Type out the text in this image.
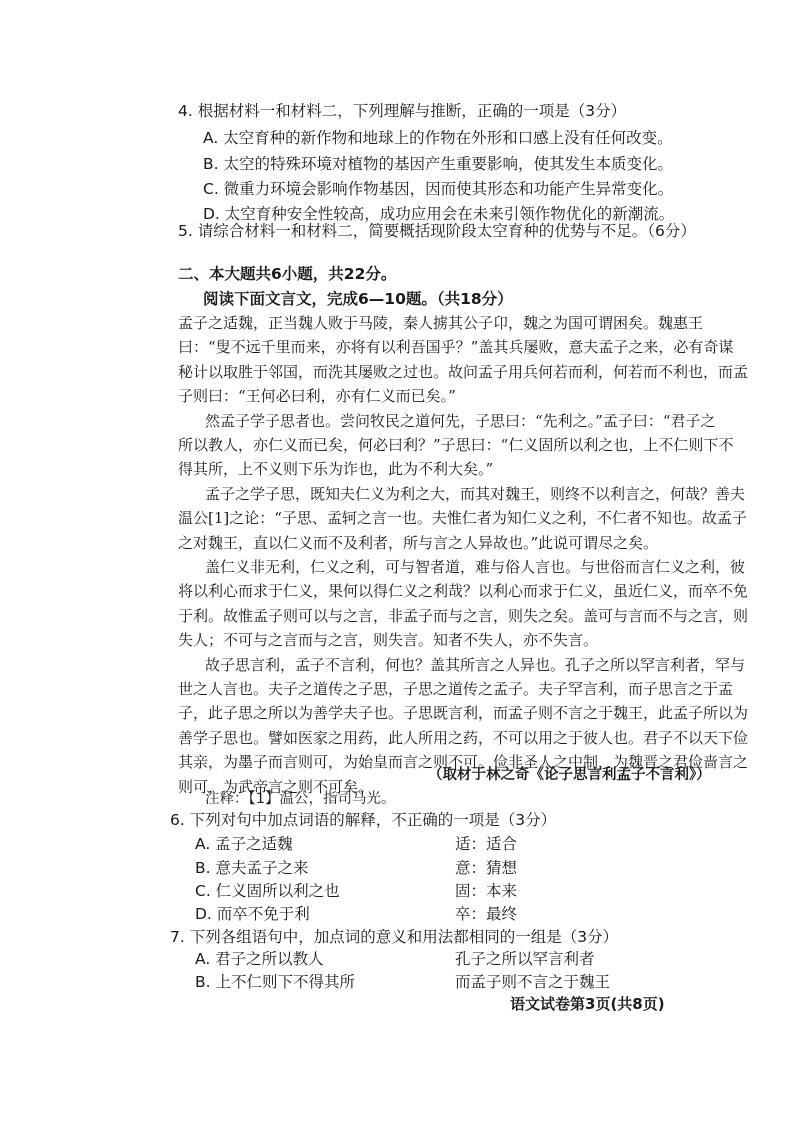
4. 根据材料一和材料二，下列理解与推断，正确的一项是（3分）
A. 太空育种的新作物和地球上的作物在外形和口感上没有任何改变。
B. 太空的特殊环境对植物的基因产生重要影响，使其发生本质变化。
C. 微重力环境会影响作物基因，因而使其形态和功能产生异常变化。
D. 太空育种安全性较高，成功应用会在未来引领作物优化的新潮流。
5. 请综合材料一和材料二，简要概括现阶段太空育种的优势与不足。（6分）
二、本大题共6小题，共22分。
阅读下面文言文，完成6—10题。（共18分）
孟子之适魏，正当魏人败于马陵，秦人掳其公子卬，魏之为国可谓困矣。魏惠王
曰：“叟不远千里而来，亦将有以利吾国乎？”盖其兵屡败，意夫孟子之来，必有奇谋
秘计以取胜于邻国，而洗其屡败之过也。故问孟子用兵何若而利，何若而不利也，而孟
子则曰：“王何必曰利，亦有仁义而已矣。”
然孟子学子思者也。尝问牧民之道何先，子思曰：“先利之。”孟子曰：“君子之
所以教人，亦仁义而已矣，何必曰利？”子思曰：“仁义固所以利之也，上不仁则下不
得其所，上不义则下乐为诈也，此为不利大矣。”
孟子之学子思，既知夫仁义为利之大，而其对魏王，则终不以利言之，何哉？善夫
温公[1]之论：“子思、孟轲之言一也。夫惟仁者为知仁义之利，不仁者不知也。故孟子
之对魏王，直以仁义而不及利者，所与言之人异故也。”此说可谓尽之矣。
盖仁义非无利，仁义之利，可与智者道，难与俗人言也。与世俗而言仁义之利，彼
将以利心而求于仁义，果何以得仁义之利哉？以利心而求于仁义，虽近仁义，而卒不免
于利。故惟孟子则可以与之言，非孟子而与之言，则失之矣。盖可与言而不与之言，则
失人；不可与之言而与之言，则失言。知者不失人，亦不失言。
故子思言利，孟子不言利，何也？盖其所言之人异也。孔子之所以罕言利者，罕与
世之人言也。夫子之道传之子思，子思之道传之孟子。夫子罕言利，而子思言之于孟
子，此子思之所以为善学夫子也。子思既言利，而孟子则不言之于魏王，此孟子所以为
善学子思也。譬如医家之用药，此人所用之药，不可以用之于彼人也。君子不以天下俭
其亲，为墨子而言则可，为始皇而言之则不可。俭非圣人之中制，为魏晋之君俭啬言之
则可，为武帝言之则不可矣。
（取材于林之奇《论子思言利孟子不言利》）
注释：【1】温公，指司马光。
6. 下列对句中加点词语的解释，不正确的一项是（3分）
A. 孟子之适魏	适：适合
B. 意夫孟子之来	意：猜想
C. 仁义固所以利之也	固：本来
D. 而卒不免于利	卒：最终
7. 下列各组语句中，加点词的意义和用法都相同的一组是（3分）
A. 君子之所以教人	孔子之所以罕言利者
B. 上不仁则下不得其所	而孟子则不言之于魏王
语文试卷第3页(共8页)
